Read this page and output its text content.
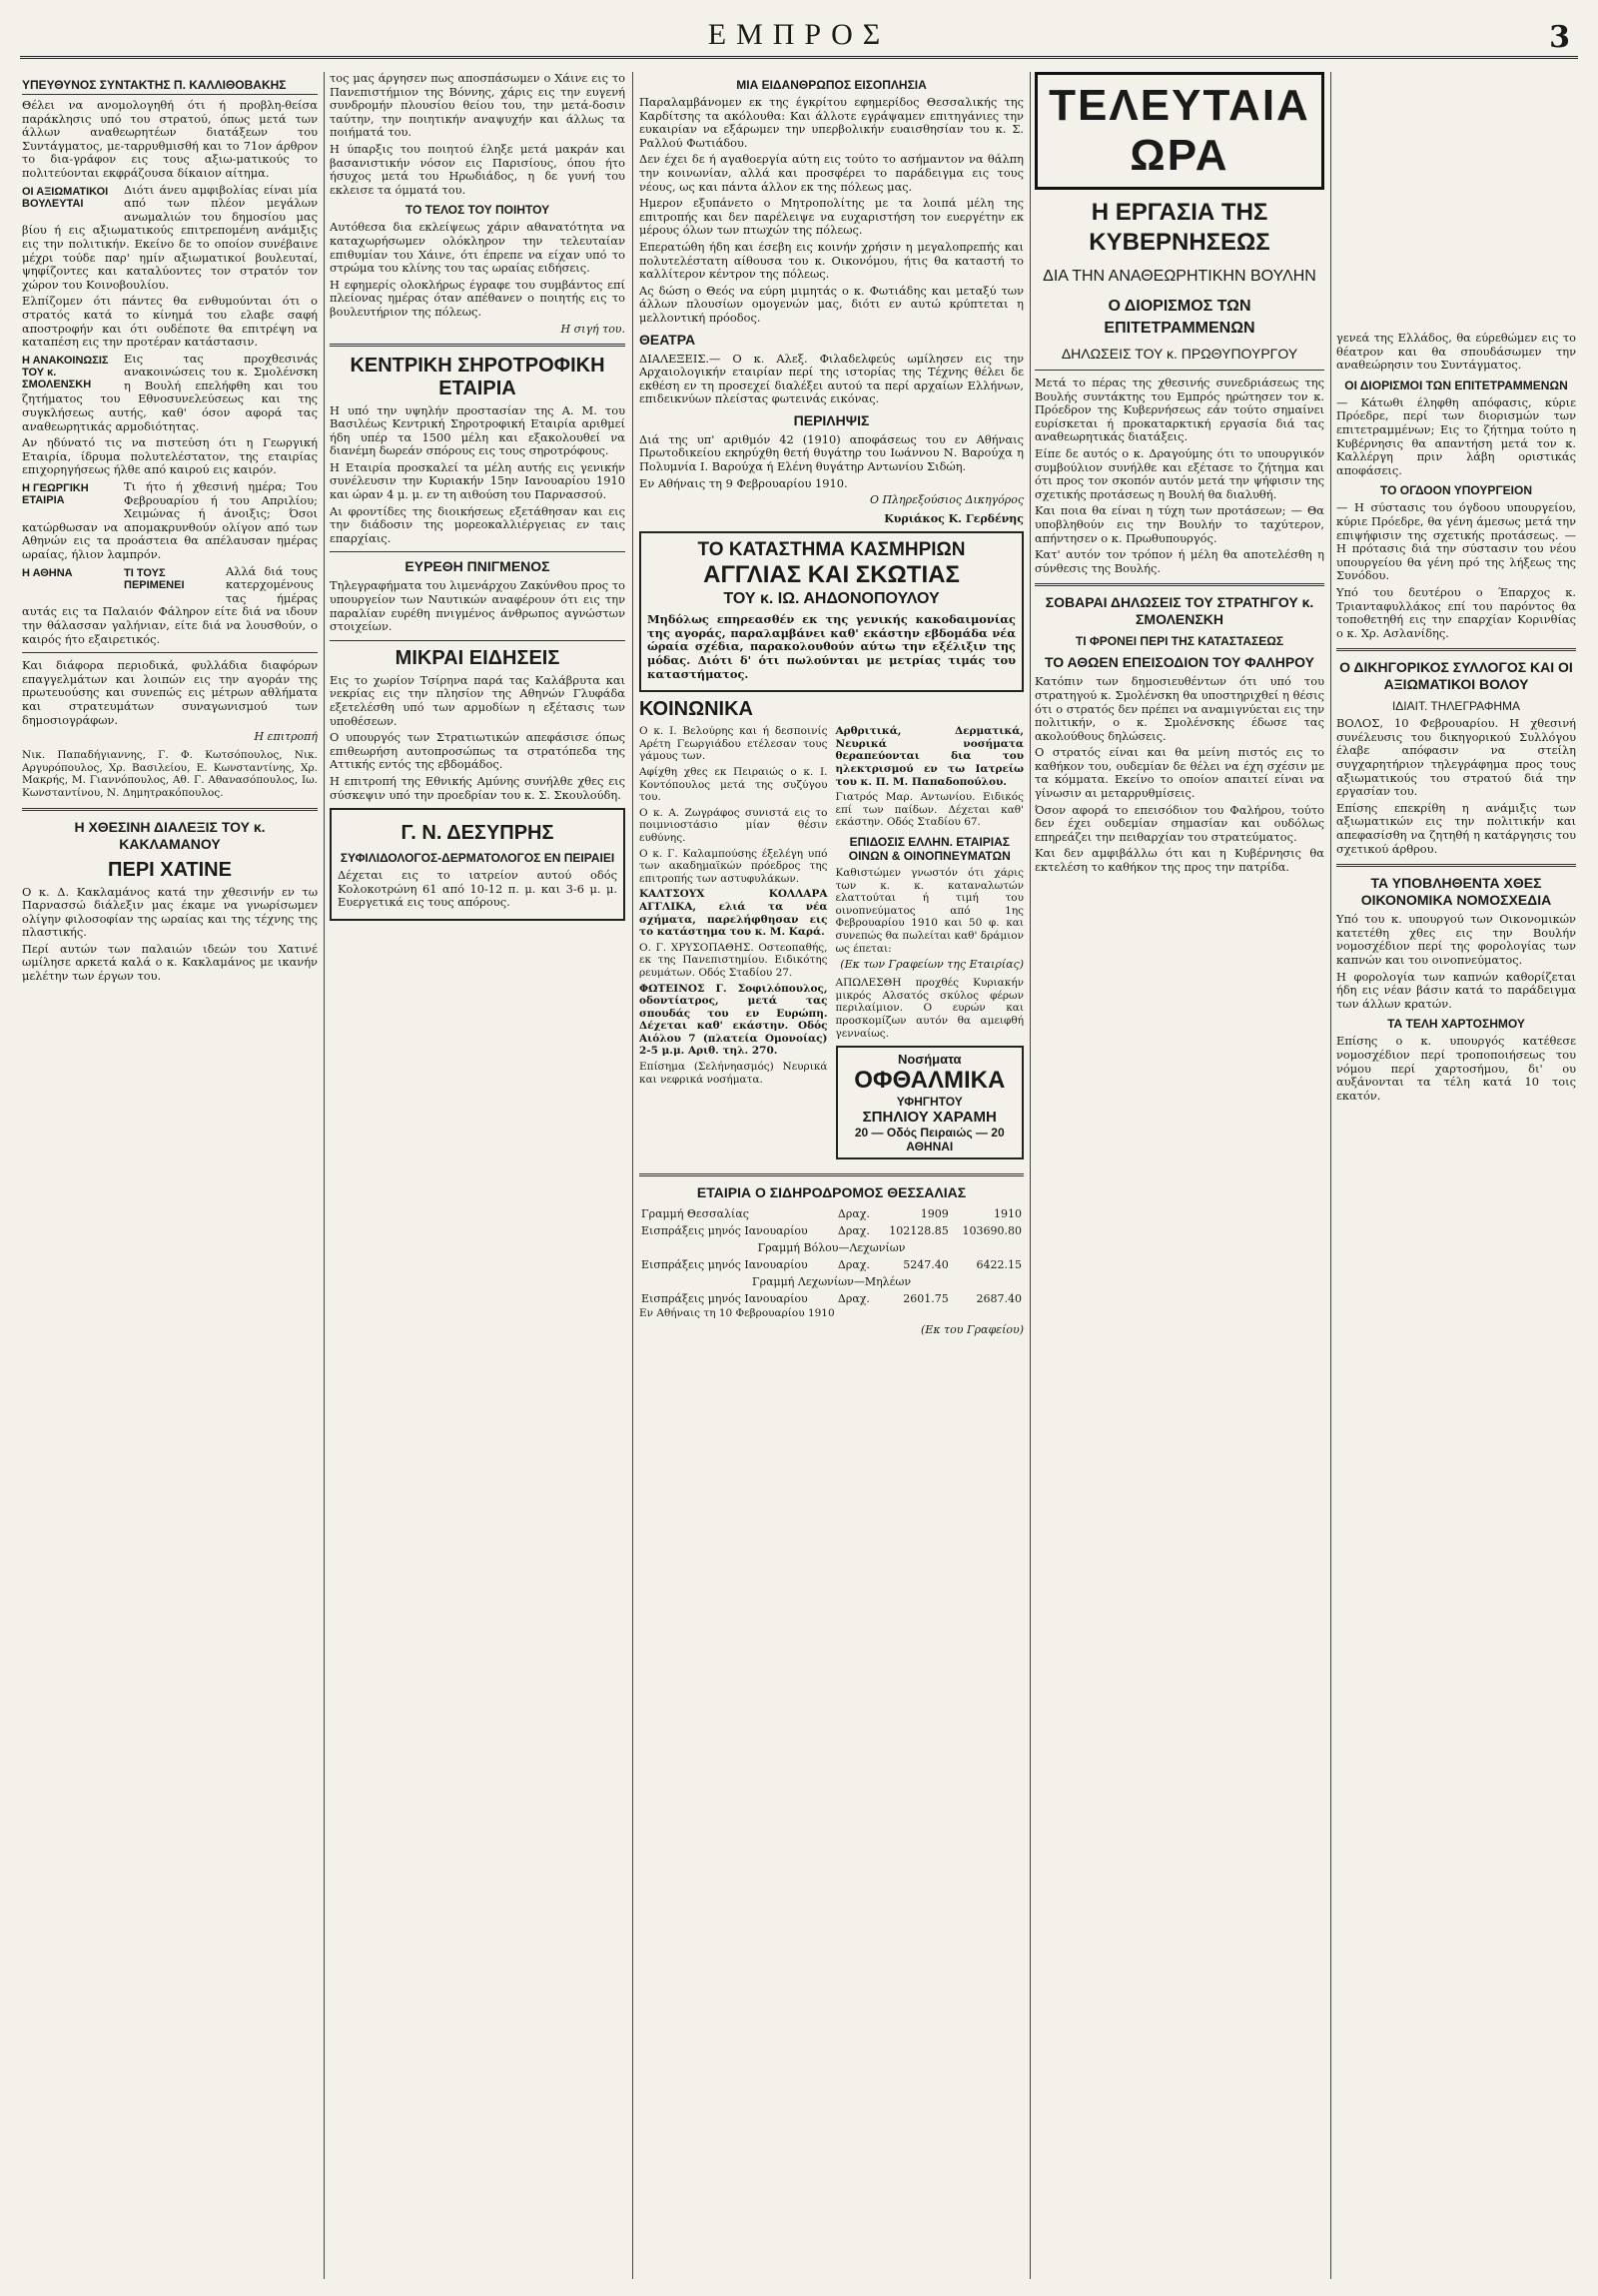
ΕΜΠΡΟΣ	3
ΥΠΕΥΘΥΝΟΣ ΣΥΝΤΑΚΤΗΣ Π. ΚΑΛΛΙΘΟΒΑΚΗΣ

Θέλει να ανομολογηθή ότι ή προβλη-θείσα παράκλησις υπό του στρατού, όπως μετά των άλλων αναθεωρητέων διατάξεων του Συντάγματος, με-ταρρυθμισθή και το 71ον άρθρον το δια-γράφον εις τους αξιω-ματικούς το πολιτεύονται εκφράζουσα δίκαιον αίτημα.

ΟΙ ΑΞΙΩΜΑΤΙΚΟΙ ΒΟΥΛΕΥΤΑΙ

Διότι άνευ αμφιβολίας είναι μία από των πλέον μεγάλων ανωμαλιών του δημοσίου μας βίου ή εις αξιωματικούς επιτρεπομένη ανάμιξις εις την πολιτικήν. Εκείνο δε το οποίον συνέβαινε μέχρι τούδε παρ' ημίν αξιωματικοί βουλευταί, ψηφίζοντες και καταλύοντες τον στρατόν τον χώρον του Κοινοβουλίου.

Ελπίζομεν ότι πάντες θα ενθυμούνται ότι ο στρατός κατά το κίνημά του ελαβε σαφή αποστροφήν και ότι ουδέποτε θα επιτρέψη να καταπέση εις την προτέραν κατάστασιν.

Η ΑΝΑΚΟΙΝΩΣΙΣ ΤΟΥ κ. ΣΜΟΛΕΝΣΚΗ

Εις τας προχθεσινάς ανακοινώσεις του κ. Σμολένσκη η Βουλή επελήφθη και του ζητήματος του Εθνοσυνελεύσεως και της συγκλήσεως αυτής, καθ' όσον αφορά τας αναθεωρητικάς αρμοδιότητας.

Αν ηδύνατό τις να πιστεύση ότι η Γεωργική Εταιρία, ίδρυμα πολυτελέστατον, της εταιρίας επιχορηγήσεως ήλθε από καιρού εις καιρόν.

Η ΓΕΩΡΓΙΚΗ ΕΤΑΙΡΙΑ

Τι ήτο ή χθεσινή ημέρα; Του Φεβρουαρίου ή του Απριλίου; Χειμώνας ή άνοιξις; Όσοι κατώρθωσαν να απομακρυνθούν ολίγον από των Αθηνών εις τα προάστεια θα απέλαυσαν ημέρας ωραίας, ήλιον λαμπρόν.

Η ΑΘΗΝΑ	ΤΙ ΤΟΥΣ ΠΕΡΙΜΕΝΕΙ

Αλλά διά τους κατερχομένους τας ήμέρας αυτάς εις τα Παλαιόν Φάληρον είτε διά να ιδουν την θάλασσαν γαλήνιαν, είτε διά να λουσθούν, ο καιρός ήτο εξαιρετικός.

Και διάφορα περιοδικά, φυλλάδια διαφόρων επαγγελμάτων και λοιπών εις την αγοράν της πρωτευούσης και συνεπώς εις μέτρων αθλήματα και στρατευμάτων συναγωνισμού των δημοσιογράφων.

Η επιτροπή

Νικ. Παπαδήγιαννης, Γ. Φ. Κωτσόπουλος, Νικ. Αργυρόπουλος, Χρ. Βασιλείου, Ε. Κωνσταντίνης, Χρ. Μακρής, Μ. Γιαννόπουλος, Αθ. Γ. Αθανασόπουλος, Ιω. Κωνσταντίνου, Ν. Δημητρακόπουλος.

Η ΧΘΕΣΙΝΗ ΔΙΑΛΕΞΙΣ ΤΟΥ κ. ΚΑΚΛΑΜΑΝΟΥ
ΠΕΡΙ ΧΑΤΙΝΕ

Ο κ. Δ. Κακλαμάνος κατά την χθεσινήν εν τω Παρνασσώ διάλεξιν μας έκαμε να γνωρίσωμεν ολίγην φιλοσοφίαν της ωραίας και της τέχνης της πλαστικής.

Περί αυτών των παλαιών ιδεών του Χατινέ ωμίλησε αρκετά καλά ο κ. Κακλαμάνος με ικανήν μελέτην των έργων του.

τος μας άργησεν πως αποσπάσωμεν ο Χάινε εις το Πανεπιστήμιον της Βόννης, χάρις εις την ευγενή συνδρομήν πλουσίου θείου του, την μετά-δοσιν ταύτην, την ποιητικήν αναψυχήν και άλλως τα ποιήματά του.

Η ύπαρξις του ποιητού έληξε μετά μακράν και βασανιστικήν νόσον εις Παρισίους, όπου ήτο ήσυχος μετά του Ηρωδιάδος, η δε γυνή του εκλεισε τα όμματά του.

ΤΟ ΤΕΛΟΣ ΤΟΥ ΠΟΙΗΤΟΥ

Αυτόθεσα δια εκλείψεως χάριν αθανατότητα να καταχωρήσωμεν ολόκληρον την τελευταίαν επιθυμίαν του Χάινε, ότι έπρεπε να είχαν υπό το στρώμα του κλίνης του τας ωραίας ειδήσεις.

Η εφημερίς ολοκλήρως έγραφε του συμβάντος επί πλείονας ημέρας όταν απέθανεν ο ποιητής εις το βουλευτήριον της πόλεως.

Η σιγή του.
ΚΕΝΤΡΙΚΗ ΣΗΡΟΤΡΟΦΙΚΗ ΕΤΑΙΡΙΑ

Η υπό την υψηλήν προστασίαν της Α. Μ. του Βασιλέως Κεντρική Σηροτροφική Εταιρία αριθμεί ήδη υπέρ τα 1500 μέλη και εξακολουθεί να διανέμη δωρεάν σπόρους εις τους σηροτρόφους.

Η Εταιρία προσκαλεί τα μέλη αυτής εις γενικήν συνέλευσιν την Κυριακήν 15ην Ιανουαρίου 1910 και ώραν 4 μ. μ. εν τη αιθούση του Παρνασσού.

Αι φροντίδες της διοικήσεως εξετάθησαν και εις την διάδοσιν της μορεοκαλλιέργειας εν ταις επαρχίαις.

ΕΥΡΕΘΗ ΠΝΙΓΜΕΝΟΣ

Τηλεγραφήματα του λιμενάρχου Ζακύνθου προς το υπουργείον των Ναυτικών αναφέρουν ότι εις την παραλίαν ευρέθη πνιγμένος άνθρωπος αγνώστων στοιχείων.

ΜΙΚΡΑΙ ΕΙΔΗΣΕΙΣ

Εις το χωρίον Τσίρηνα παρά τας Καλάβρυτα και νεκρίας εις την πλησίον της Αθηνών Γλυφάδα εξετελέσθη υπό των αρμοδίων η εξέτασις των υποθέσεων.

Ο υπουργός των Στρατιωτικών απεφάσισε όπως επιθεωρήση αυτοπροσώπως τα στρατόπεδα της Αττικής εντός της εβδομάδος.

Η επιτροπή της Εθνικής Αμύνης συνήλθε χθες εις σύσκεψιν υπό την προεδρίαν του κ. Σ. Σκουλούδη.

Γ. Ν. ΔΕΣΥΠΡΗΣ
ΣΥΦΙΛΙΔΟΛΟΓΟΣ-ΔΕΡΜΑΤΟΛΟΓΟΣ ΕΝ ΠΕΙΡΑΙΕΙ

Δέχεται εις το ιατρείον αυτού οδός Κολοκοτρώνη 61 από 10-12 π. μ. και 3-6 μ. μ. Ευεργετικά εις τους απόρους.

ΜΙΑ ΕΙΔΑΝΘΡΩΠΟΣ ΕΙΣΟΠΛΗΣΙΑ

Παραλαμβάνομεν εκ της έγκρίτου εφημερίδος Θεσσαλικής της Καρδίτσης τα ακόλουθα: Και άλλοτε εγράψαμεν επιτηγάνιες την ευκαιρίαν να εξάρωμεν την υπερβολικήν ευαισθησίαν του κ. Σ. Ραλλού Φωτιάδου.

Δεν έχει δε ή αγαθοεργία αύτη εις τούτο το ασήμαντον να θάλπη την κοινωνίαν, αλλά και προσφέρει το παράδειγμα εις τους νέους, ως και πάντα άλλον εκ της πόλεως μας.

Ημερον εξυπάνετο ο Μητροπολίτης με τα λοιπά μέλη της επιτροπής και δεν παρέλειψε να ευχαριστήση τον ευεργέτην εκ μέρους όλων των πτωχών της πόλεως.

Επερατώθη ήδη και έσεβη εις κοινήν χρήσιν η μεγαλοπρεπής και πολυτελέστατη αίθουσα του κ. Οικονόμου, ήτις θα καταστή το καλλίτερον κέντρον της πόλεως.

Ας δώση ο Θεός να εύρη μιμητάς ο κ. Φωτιάδης και μεταξύ των άλλων πλουσίων ομογενών μας, διότι εν αυτώ κρύπτεται η μελλοντική πρόοδος.

ΘΕΑΤΡΑ

ΔΙΑΛΕΞΕΙΣ.— Ο κ. Αλεξ. Φιλαδελφεύς ωμίλησεν εις την Αρχαιολογικήν εταιρίαν περί της ιστορίας της Τέχνης θέλει δε εκθέση εν τη προσεχεί διαλέξει αυτού τα περί αρχαίων Ελλήνων, επιδεικνύων πλείστας φωτεινάς εικόνας.

ΠΕΡΙΛΗΨΙΣ

Διά της υπ' αριθμόν 42 (1910) αποφάσεως του εν Αθήναις Πρωτοδικείου εκηρύχθη θετή θυγάτηρ του Ιωάννου Ν. Βαρούχα η Πολυμνία Ι. Βαρούχα ή Ελένη θυγάτηρ Αντωνίου Σιδώη.

Εν Αθήναις τη 9 Φεβρουαρίου 1910.

Ο Πληρεξούσιος Δικηγόρος
Κυριάκος Κ. Γερδένης
ΤΟ ΚΑΤΑΣΤΗΜΑ ΚΑΣΜΗΡΙΩΝ
ΑΓΓΛΙΑΣ ΚΑΙ ΣΚΩΤΙΑΣ
ΤΟΥ κ. ΙΩ. ΑΗΔΟΝΟΠΟΥΛΟΥ

Μηδόλως επηρεασθέν εκ της γενικής κακοδαιμονίας της αγοράς, παραλαμβάνει καθ' εκάστην εβδομάδα νέα ώραία σχέδια, παρακολουθούν αύτω την εξέλιξιν της μόδας. Διότι δ' ότι πωλούνται με μετρίας τιμάς του καταστήματος.

ΚΟΙΝΩΝΙΚΑ

Ο κ. Ι. Βελούρης και ή δεσποινίς Αρέτη Γεωργιάδου ετέλεσαν τους γάμους των.

Αφίχθη χθες εκ Πειραιώς ο κ. Ι. Κοντόπουλος μετά της συζύγου του.

Ο κ. Α. Ζωγράφος συνιστά εις το ποιμνιοστάσιο μίαν θέσιν ευθύνης.

Ο κ. Γ. Καλαμπούσης έξελέγη υπό των ακαδημαϊκών πρόεδρος της επιτροπής των αστυφυλάκων.

ΚΑΛΤΣΟΥΧ ΚΟΛΛΑΡΑ ΑΓΓΛΙΚΑ, ελιά τα νέα σχήματα, παρελήφθησαν εις το κατάστημα του κ. Μ. Καρά.

Ο. Γ. ΧΡΥΣΟΠΑΘΗΣ. Οστεοπαθής, εκ της Πανεπιστημίου. Ειδικότης ρευμάτων. Οδός Σταδίου 27.

ΦΩΤΕΙΝΟΣ Γ. Σοφιλόπουλος, οδοντίατρος, μετά τας σπουδάς του εν Ευρώπη. Δέχεται καθ' εκάστην. Οδός Αιόλου 7 (πλατεία Ομονοίας) 2-5 μ.μ. Αριθ. τηλ. 270.

Επίσημα (Σελήνηασμός) Νευρικά και νεφρικά νοσήματα.

Αρθριτικά, Δερματικά, Νευρικά νοσήματα θεραπεύονται δια του ηλεκτρισμού εν τω Ιατρείω του κ. Π. Μ. Παπαδοπούλου.

Γιατρός Μαρ. Αντωνίου. Ειδικός επί των παίδων. Δέχεται καθ' εκάστην. Οδός Σταδίου 67.

ΕΠΙΔΟΣΙΣ ΕΛΛΗΝ. ΕΤΑΙΡΙΑΣ ΟΙΝΩΝ & ΟΙΝΟΠΝΕΥΜΑΤΩΝ

Καθιστώμεν γνωστόν ότι χάρις των κ. κ. καταναλωτών ελαττούται ή τιμή του οινοπνεύματος από 1ης Φεβρουαρίου 1910 και 50 φ. και συνεπώς θα πωλείται καθ' δράμιον ως έπεται:

(Εκ των Γραφείων της Εταιρίας)

ΑΠΩΛΕΣΘΗ προχθές Κυριακήν μικρός Αλσατός σκύλος φέρων περιλαίμιον. Ο ευρών και προσκομίζων αυτόν θα αμειφθή γενναίως.

Νοσήματα
ΟΦΘΑΛΜΙΚΑ
ΥΦΗΓΗΤΟΥ
ΣΠΗΛΙΟΥ ΧΑΡΑΜΗ
20 — Οδός Πειραιώς — 20
ΑΘΗΝΑΙ
ΕΤΑΙΡΙΑ Ο ΣΙΔΗΡΟΔΡΟΜΟΣ ΘΕΣΣΑΛΙΑΣ
Γραμμή Θεσσαλίας	Δραχ.	1909	1910
Εισπράξεις μηνός Ιανουαρίου	Δραχ.	102128.85	103690.80
Γραμμή Βόλου—Λεχωνίων			
Εισπράξεις μηνός Ιανουαρίου	Δραχ.	5247.40	6422.15
Γραμμή Λεχωνίων—Μηλέων			
Εισπράξεις μηνός Ιανουαρίου	Δραχ.	2601.75	2687.40

Εν Αθήναις τη 10 Φεβρουαρίου 1910

(Εκ του Γραφείου)
ΤΕΛΕΥΤΑΙΑ ΩΡΑ
Η ΕΡΓΑΣΙΑ ΤΗΣ ΚΥΒΕΡΝΗΣΕΩΣ
ΔΙΑ ΤΗΝ ΑΝΑΘΕΩΡΗΤΙΚΗΝ ΒΟΥΛΗΝ
Ο ΔΙΟΡΙΣΜΟΣ ΤΩΝ ΕΠΙΤΕΤΡΑΜΜΕΝΩΝ
ΔΗΛΩΣΕΙΣ ΤΟΥ κ. ΠΡΩΘΥΠΟΥΡΓΟΥ

Μετά το πέρας της χθεσινής συνεδριάσεως της Βουλής συντάκτης του Εμπρός ηρώτησεν τον κ. Πρόεδρον της Κυβερνήσεως εάν τούτο σημαίνει ευρίσκεται ή προκαταρκτική εργασία διά τας αναθεωρητικάς διατάξεις.

Είπε δε αυτός ο κ. Δραγούμης ότι το υπουργικόν συμβούλιον συνήλθε και εξέτασε το ζήτημα και ότι προς τον σκοπόν αυτόν μετά την ψήφισιν της σχετικής προτάσεως η Βουλή θα διαλυθή.

Και ποια θα είναι η τύχη των προτάσεων; — Θα υποβληθούν εις την Βουλήν το ταχύτερον, απήντησεν ο κ. Πρωθυπουργός.

Κατ' αυτόν τον τρόπον ή μέλη θα αποτελέσθη η σύνθεσις της Βουλής.

ΣΟΒΑΡΑΙ ΔΗΛΩΣΕΙΣ ΤΟΥ ΣΤΡΑΤΗΓΟΥ κ. ΣΜΟΛΕΝΣΚΗ
ΤΙ ΦΡΟΝΕΙ ΠΕΡΙ ΤΗΣ ΚΑΤΑΣΤΑΣΕΩΣ
ΤΟ ΑΘΩΕΝ ΕΠΕΙΣΟΔΙΟΝ ΤΟΥ ΦΑΛΗΡΟΥ

Κατόπιν των δημοσιευθέντων ότι υπό του στρατηγού κ. Σμολένσκη θα υποστηριχθεί η θέσις ότι ο στρατός δεν πρέπει να αναμιγνύεται εις την πολιτικήν, ο κ. Σμολένσκης έδωσε τας ακολούθους δηλώσεις.

Ο στρατός είναι και θα μείνη πιστός εις το καθήκον του, ουδεμίαν δε θέλει να έχη σχέσιν με τα κόμματα. Εκείνο το οποίον απαιτεί είναι να γίνωσιν αι μεταρρυθμίσεις.

Όσον αφορά το επεισόδιον του Φαλήρου, τούτο δεν έχει ουδεμίαν σημασίαν και ουδόλως επηρεάζει την πειθαρχίαν του στρατεύματος.

Και δεν αμφιβάλλω ότι και η Κυβέρνησις θα εκτελέση το καθήκον της προς την πατρίδα.

γενεά της Ελλάδος, θα εύρεθώμεν εις το θέατρον και θα σπουδάσωμεν την αναθεώρησιν του Συντάγματος.

ΟΙ ΔΙΟΡΙΣΜΟΙ ΤΩΝ ΕΠΙΤΕΤΡΑΜΜΕΝΩΝ

— Κάτωθι έληφθη απόφασις, κύριε Πρόεδρε, περί των διορισμών των επιτετραμμένων; Εις το ζήτημα τούτο η Κυβέρνησις θα απαντήση μετά τον κ. Καλλέργη πριν λάβη οριστικάς αποφάσεις.

ΤΟ ΟΓΔΟΟΝ ΥΠΟΥΡΓΕΙΟΝ

— Η σύστασις του όγδοου υπουργείου, κύριε Πρόεδρε, θα γένη άμεσως μετά την επιψήφισιν της σχετικής προτάσεως. — Η πρότασις διά την σύστασιν του νέου υπουργείου θα γένη πρό της λήξεως της Συνόδου.

Υπό του δευτέρου ο Έπαρχος κ. Τριανταφυλλάκος επί του παρόντος θα τοποθετηθή εις την επαρχίαν Κορινθίας ο κ. Χρ. Ασλανίδης.

Ο ΔΙΚΗΓΟΡΙΚΟΣ ΣΥΛΛΟΓΟΣ ΚΑΙ ΟΙ ΑΞΙΩΜΑΤΙΚΟΙ ΒΟΛΟΥ
ΙΔΙΑΙΤ. ΤΗΛΕΓΡΑΦΗΜΑ

ΒΟΛΟΣ, 10 Φεβρουαρίου. Η χθεσινή συνέλευσις του δικηγορικού Συλλόγου έλαβε απόφασιν να στείλη συγχαρητήριον τηλεγράφημα προς τους αξιωματικούς του στρατού διά την εργασίαν του.

Επίσης επεκρίθη η ανάμιξις των αξιωματικών εις την πολιτικήν και απεφασίσθη να ζητηθή η κατάργησις του σχετικού άρθρου.

ΤΑ ΥΠΟΒΛΗΘΕΝΤΑ ΧΘΕΣ ΟΙΚΟΝΟΜΙΚΑ ΝΟΜΟΣΧΕΔΙΑ

Υπό του κ. υπουργού των Οικονομικών κατετέθη χθες εις την Βουλήν νομοσχέδιον περί της φορολογίας των καπνών και του οινοπνεύματος.

Η φορολογία των καπνών καθορίζεται ήδη εις νέαν βάσιν κατά το παράδειγμα των άλλων κρατών.

ΤΑ ΤΕΛΗ ΧΑΡΤΟΣΗΜΟΥ

Επίσης ο κ. υπουργός κατέθεσε νομοσχέδιον περί τροποποιήσεως του νόμου περί χαρτοσήμου, δι' ου αυξάνονται τα τέλη κατά 10 τοις εκατόν.
